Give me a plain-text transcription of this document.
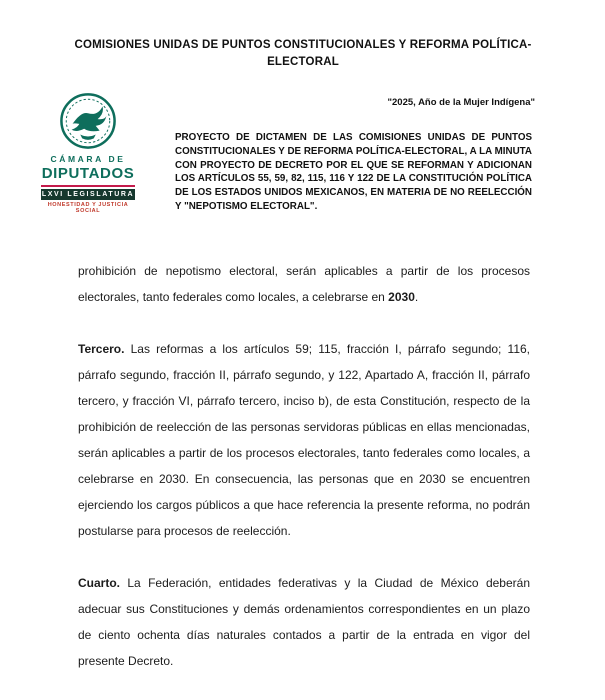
COMISIONES UNIDAS DE PUNTOS CONSTITUCIONALES Y REFORMA POLÍTICA-ELECTORAL
"2025, Año de la Mujer Indígena"
CÁMARA DE
DIPUTADOS
LXVI LEGISLATURA
HONESTIDAD Y JUSTICIA SOCIAL
PROYECTO DE DICTAMEN DE LAS COMISIONES UNIDAS DE PUNTOS CONSTITUCIONALES Y DE REFORMA POLÍTICA-ELECTORAL, A LA MINUTA CON PROYECTO DE DECRETO POR EL QUE SE REFORMAN Y ADICIONAN LOS ARTÍCULOS 55, 59, 82, 115, 116 Y 122 DE LA CONSTITUCIÓN POLÍTICA DE LOS ESTADOS UNIDOS MEXICANOS, EN MATERIA DE NO REELECCIÓN Y "NEPOTISMO ELECTORAL".

prohibición de nepotismo electoral, serán aplicables a partir de los procesos electorales, tanto federales como locales, a celebrarse en 2030.

Tercero. Las reformas a los artículos 59; 115, fracción I, párrafo segundo; 116, párrafo segundo, fracción II, párrafo segundo, y 122, Apartado A, fracción II, párrafo tercero, y fracción VI, párrafo tercero, inciso b), de esta Constitución, respecto de la prohibición de reelección de las personas servidoras públicas en ellas mencionadas, serán aplicables a partir de los procesos electorales, tanto federales como locales, a celebrarse en 2030. En consecuencia, las personas que en 2030 se encuentren ejerciendo los cargos públicos a que hace referencia la presente reforma, no podrán postularse para procesos de reelección.

Cuarto. La Federación, entidades federativas y la Ciudad de México deberán adecuar sus Constituciones y demás ordenamientos correspondientes en un plazo de ciento ochenta días naturales contados a partir de la entrada en vigor del presente Decreto.
